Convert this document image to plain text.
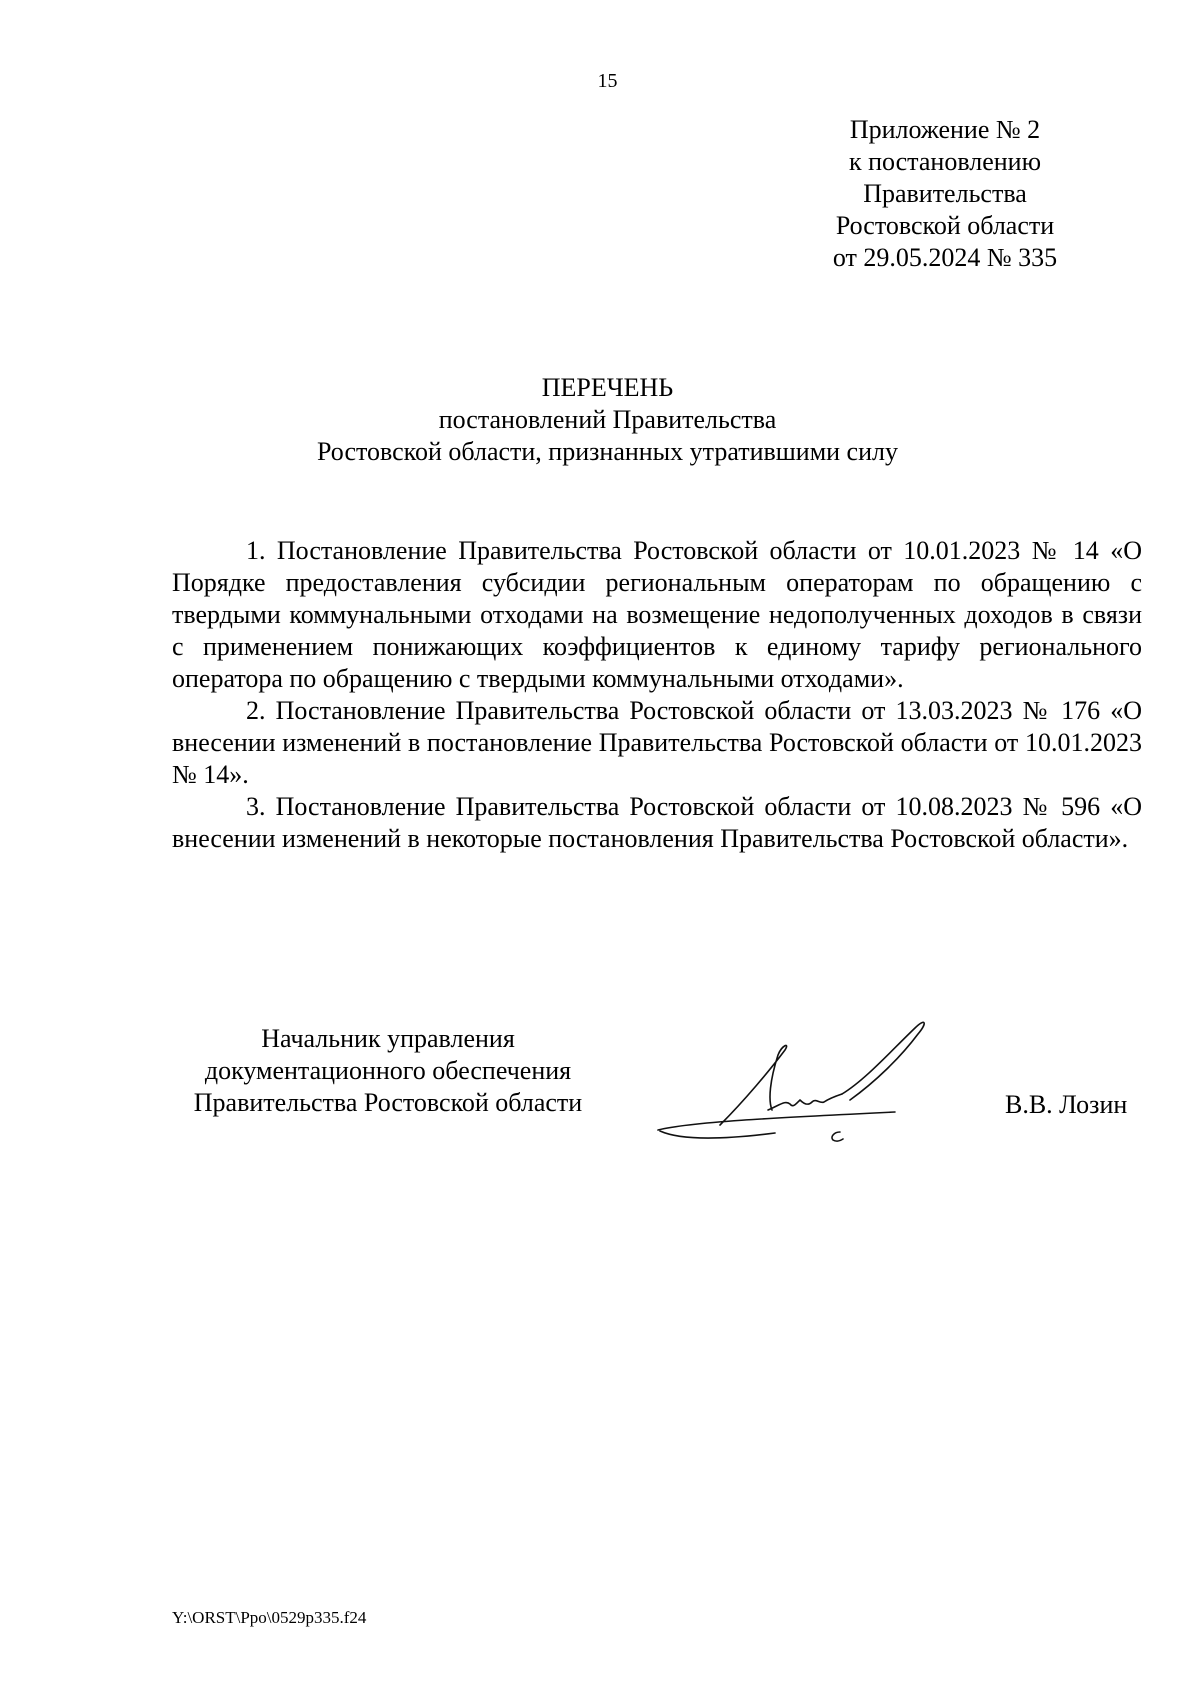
15
Приложение № 2
к постановлению
Правительства
Ростовской области
от 29.05.2024 № 335
ПЕРЕЧЕНЬ
постановлений Правительства
Ростовской области, признанных утратившими силу

1. Постановление Правительства Ростовской области от 10.01.2023 № 14 «О Порядке предоставления субсидии региональным операторам по обращению с твердыми коммунальными отходами на возмещение недополученных доходов в связи с применением понижающих коэффициентов к единому тарифу регионального оператора по обращению с твердыми коммунальными отходами».

2. Постановление Правительства Ростовской области от 13.03.2023 № 176 «О внесении изменений в постановление Правительства Ростовской области от 10.01.2023 № 14».

3. Постановление Правительства Ростовской области от 10.08.2023 № 596 «О внесении изменений в некоторые постановления Правительства Ростовской области».

Начальник управления
документационного обеспечения
Правительства Ростовской области	В.В. Лозин
Y:\ORST\Ppo\0529p335.f24
